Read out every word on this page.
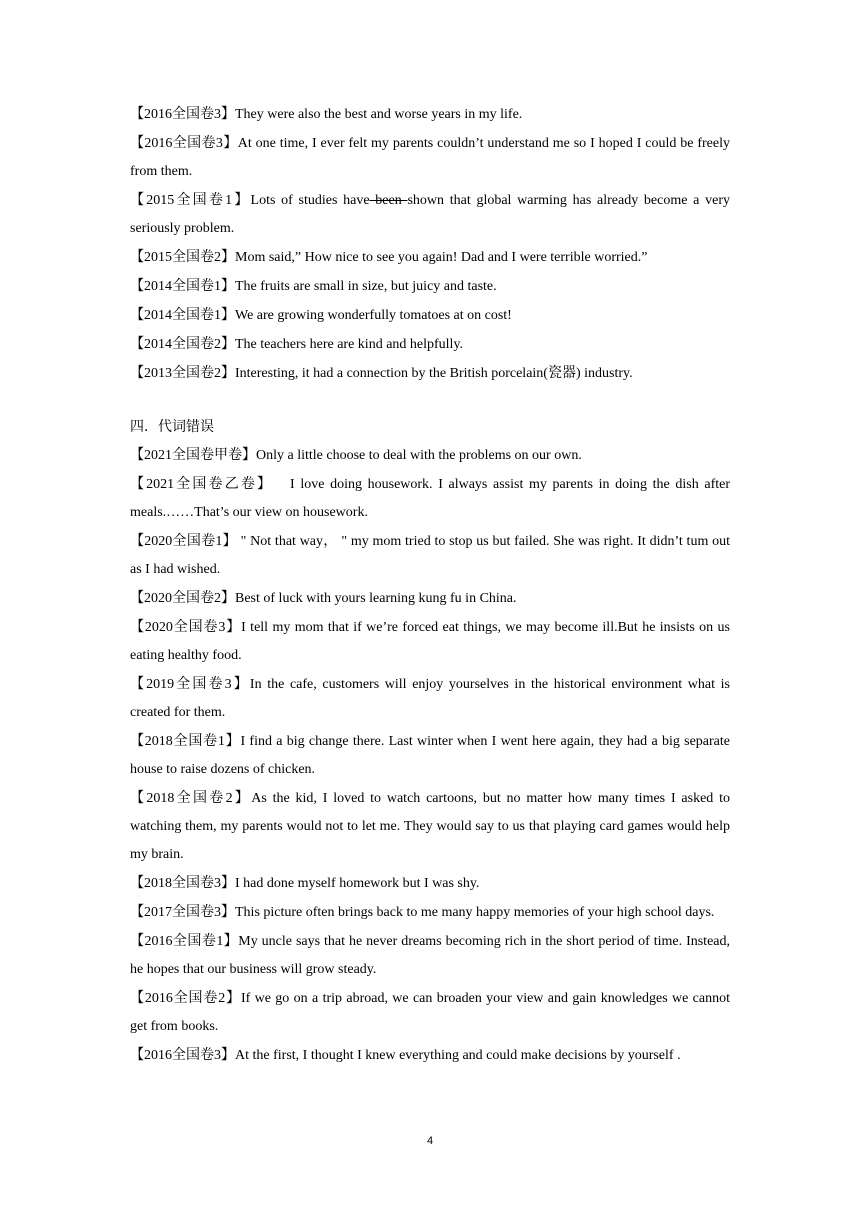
【2016全国卷3】They were also the best and worse years in my life.
【2016全国卷3】At one time, I ever felt my parents couldn’t understand me so I hoped I could be freely from them.
【2015全国卷1】Lots of studies have been shown that global warming has already become a very seriously problem.
【2015全国卷2】Mom said,” How nice to see you again! Dad and I were terrible worried.”
【2014全国卷1】The fruits are small in size, but juicy and taste.
【2014全国卷1】We are growing wonderfully tomatoes at on cost!
【2014全国卷2】The teachers here are kind and helpfully.
【2013全国卷2】Interesting, it had a connection by the British porcelain(瓷器) industry.
四．代词错误
【2021全国卷甲卷】Only a little choose to deal with the problems on our own.
【2021全国卷乙卷】   I love doing housework. I always assist my parents in doing the dish after meals.……That’s our view on housework.
【2020全国卷1】 " Not that way， " my mom tried to stop us but failed. She was right. It didn’t tum out as I had wished.
【2020全国卷2】Best of luck with yours learning kung fu in China.
【2020全国卷3】I tell my mom that if we’re forced eat things, we may become ill.But he insists on us eating healthy food.
【2019全国卷3】In the cafe, customers will enjoy yourselves in the historical environment what is created for them.
【2018全国卷1】I find a big change there. Last winter when I went here again, they had a big separate house to raise dozens of chicken.
【2018全国卷2】As the kid, I loved to watch cartoons, but no matter how many times I asked to watching them, my parents would not to let me. They would say to us that playing card games would help my brain.
【2018全国卷3】I had done myself homework but I was shy.
【2017全国卷3】This picture often brings back to me many happy memories of your high school days.
【2016全国卷1】My uncle says that he never dreams becoming rich in the short period of time. Instead, he hopes that our business will grow steady.
【2016全国卷2】If we go on a trip abroad, we can broaden your view and gain knowledges we cannot get from books.
【2016全国卷3】At the first, I thought I knew everything and could make decisions by yourself .
4
